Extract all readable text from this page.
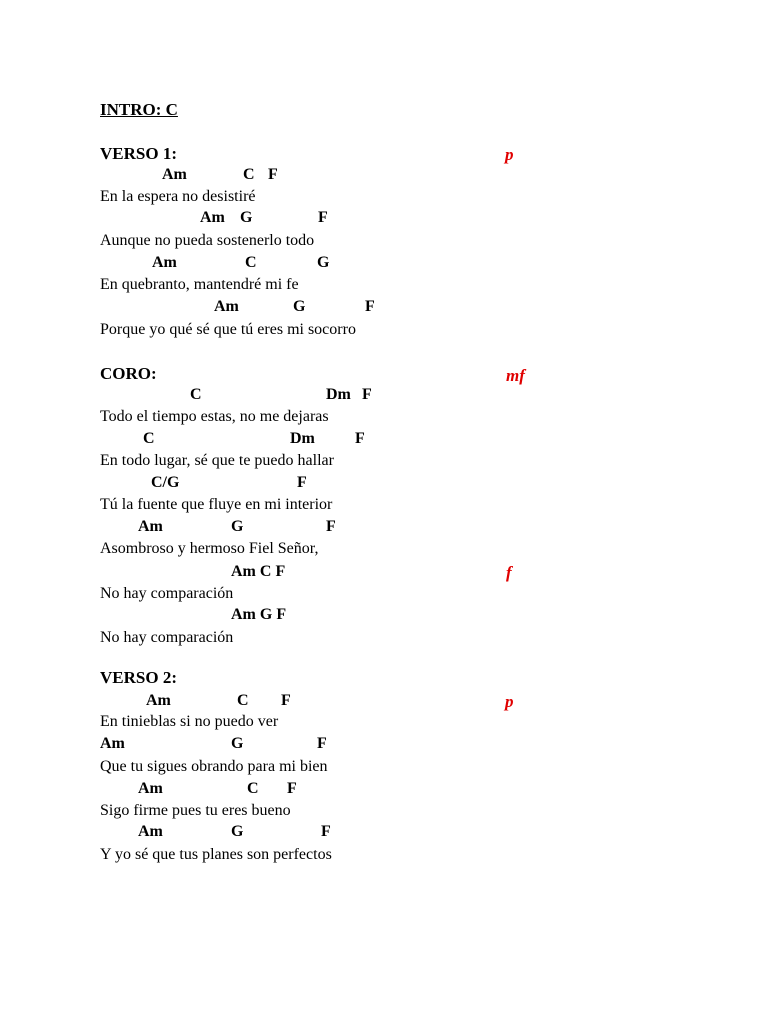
INTRO: C
VERSO 1:	p
Am	C F
En la espera no desistiré
Am G	F
Aunque no pueda sostenerlo todo
Am	C	G
En quebranto, mantendré mi fe
Am	G	F
Porque yo qué sé que tú eres mi socorro
CORO:	mf
C	Dm F
Todo el tiempo estas, no me dejaras
C	Dm	F
En todo lugar, sé que te puedo hallar
C/G	F
Tú la fuente que fluye en mi interior
Am	G	F
Asombroso y hermoso Fiel Señor,
Am C F	f
No hay comparación
Am G F
No hay comparación
VERSO 2:
p
Am	C F
En tinieblas si no puedo ver
Am	G	F
Que tu sigues obrando para mi bien
Am	C F
Sigo firme pues tu eres bueno
Am	G	F
Y yo sé que tus planes son perfectos
